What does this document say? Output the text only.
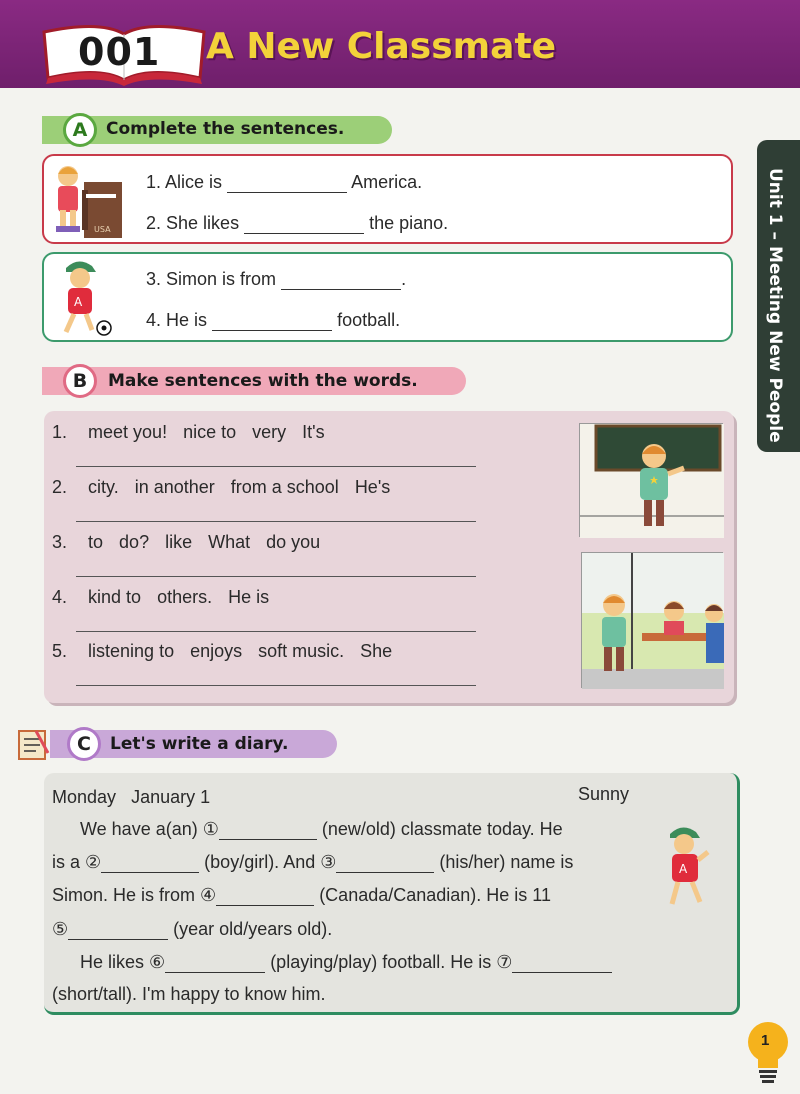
001 A New Classmate
Unit 1 – Meeting New People
A	Complete the sentences.
USA
1. Alice is	America.
2. She likes	the piano.
A
3. Simon is from	.
4. He is	football.
B	Make sentences with the words.
1. meet you! nice to very It's
2. city. in another from a school He's
3. to do? like What do you
4. kind to others. He is
5. listening to enjoys soft music. She
C	Let's write a diary.
Monday January 1	Sunny
We have a(an) ①	(new/old) classmate today. He
is a ②	(boy/girl). And ③	(his/her) name is
Simon. He is from ④	(Canada/Canadian). He is 11
⑤	(year old/years old).
He likes ⑥	(playing/play) football. He is ⑦
(short/tall). I'm happy to know him.
A
1
